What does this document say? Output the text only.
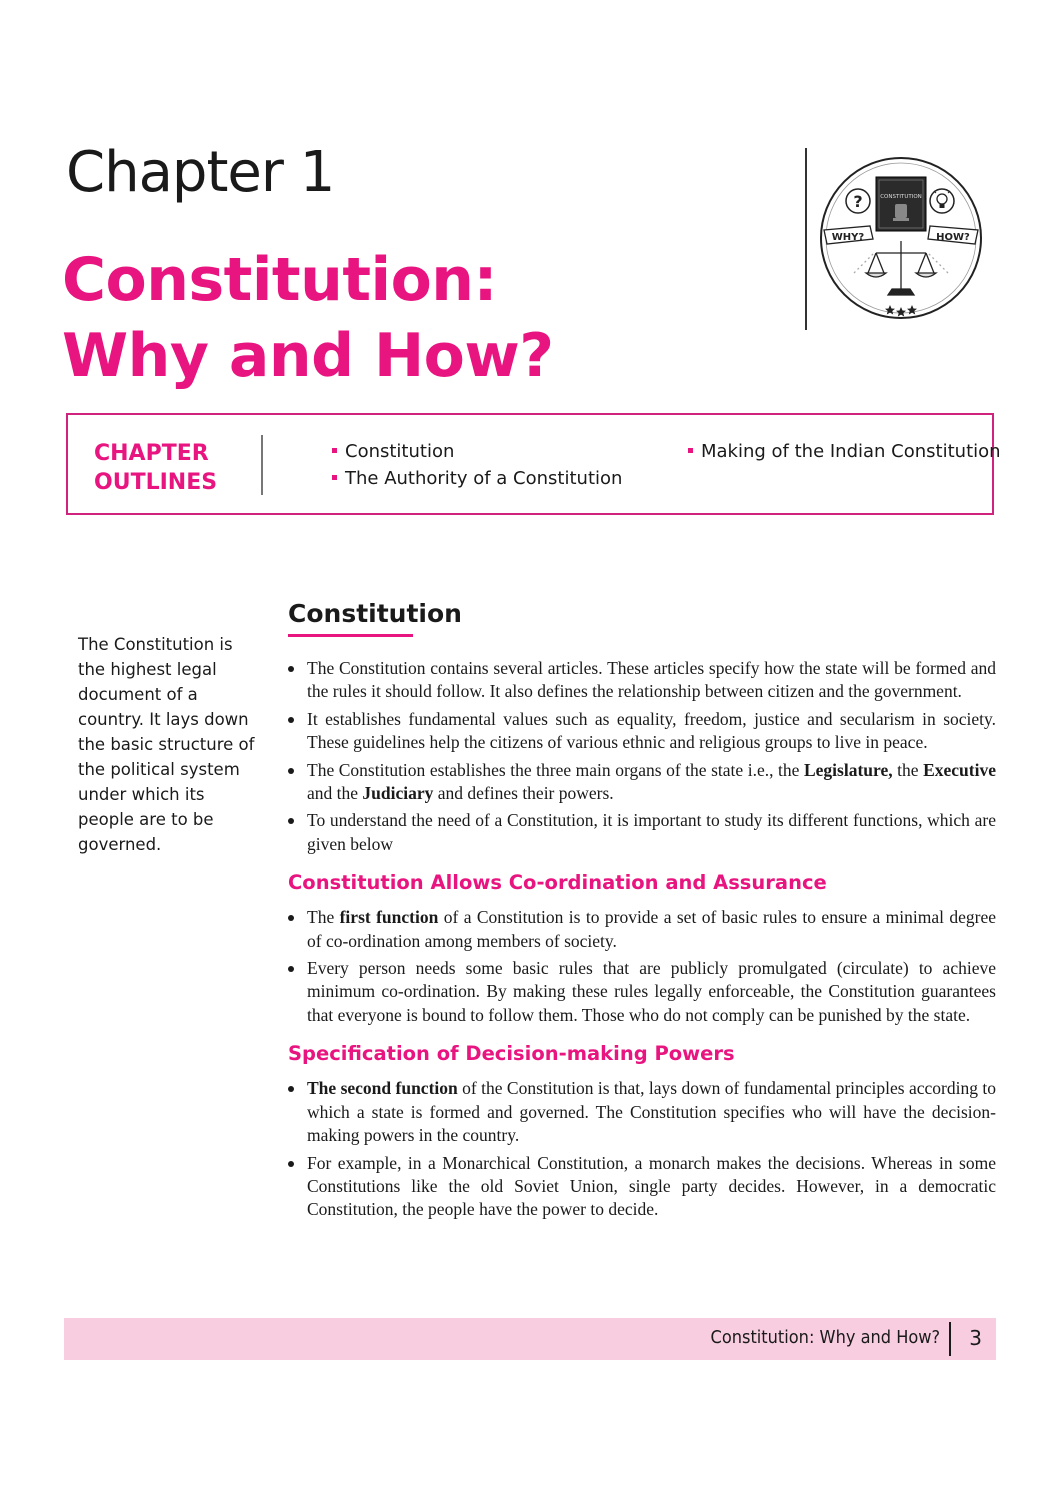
Chapter 1
Constitution:
Why and How?
CONSTITUTION
?
WHY?	HOW?
CHAPTER
OUTLINES
Constitution
The Authority of a Constitution
Making of the Indian Constitution

The Constitution is the highest legal document of a country. It lays down the basic structure of the political system under which its people are to be governed.

Constitution
The Constitution contains several articles. These articles specify how the state will be formed and the rules it should follow. It also defines the relationship between citizen and the government.
It establishes fundamental values such as equality, freedom, justice and secularism in society. These guidelines help the citizens of various ethnic and religious groups to live in peace.
The Constitution establishes the three main organs of the state i.e., the Legislature, the Executive and the Judiciary and defines their powers.
To understand the need of a Constitution, it is important to study its different functions, which are given below
Constitution Allows Co-ordination and Assurance
The first function of a Constitution is to provide a set of basic rules to ensure a minimal degree of co-ordination among members of society.
Every person needs some basic rules that are publicly promulgated (circulate) to achieve minimum co-ordination. By making these rules legally enforceable, the Constitution guarantees that everyone is bound to follow them. Those who do not comply can be punished by the state.
Specification of Decision-making Powers
The second function of the Constitution is that, lays down of fundamental principles according to which a state is formed and governed. The Constitution specifies who will have the decision-making powers in the country.
For example, in a Monarchical Constitution, a monarch makes the decisions. Whereas in some Constitutions like the old Soviet Union, single party decides. However, in a democratic Constitution, the people have the power to decide.
Constitution: Why and How? 3
